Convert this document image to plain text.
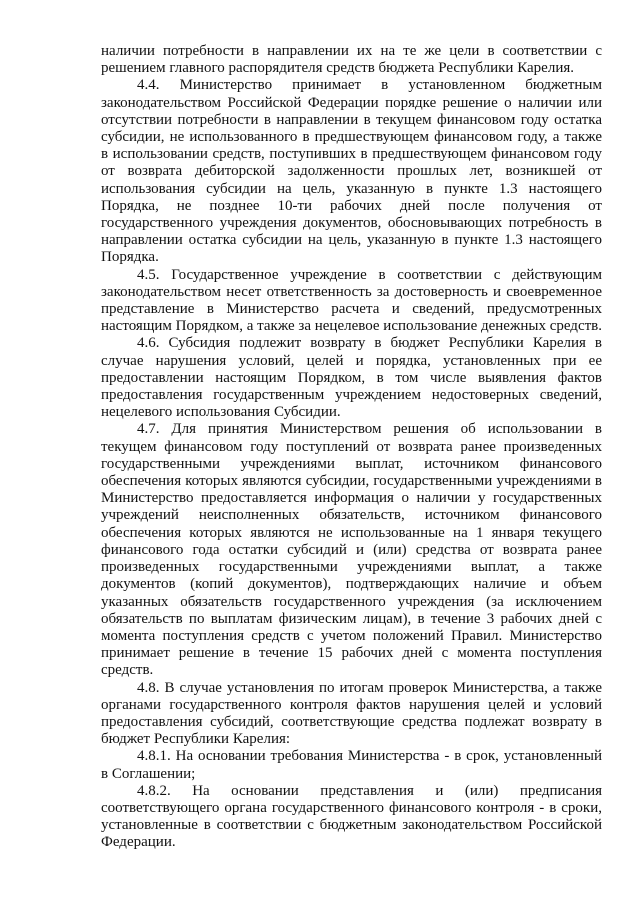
наличии потребности в направлении их на те же цели в соответствии с решением главного распорядителя средств бюджета Республики Карелия.

4.4. Министерство принимает в установленном бюджетным законодательством Российской Федерации порядке решение о наличии или отсутствии потребности в направлении в текущем финансовом году остатка субсидии, не использованного в предшествующем финансовом году, а также в использовании средств, поступивших в предшествующем финансовом году от возврата дебиторской задолженности прошлых лет, возникшей от использования субсидии на цель, указанную в пункте 1.3 настоящего Порядка, не позднее 10-ти рабочих дней после получения от государственного учреждения документов, обосновывающих потребность в направлении остатка субсидии на цель, указанную в пункте 1.3 настоящего Порядка.

4.5. Государственное учреждение в соответствии с действующим законодательством несет ответственность за достоверность и своевременное представление в Министерство расчета и сведений, предусмотренных настоящим Порядком, а также за нецелевое использование денежных средств.

4.6. Субсидия подлежит возврату в бюджет Республики Карелия в случае нарушения условий, целей и порядка, установленных при ее предоставлении настоящим Порядком, в том числе выявления фактов предоставления государственным учреждением недостоверных сведений, нецелевого использования Субсидии.

4.7. Для принятия Министерством решения об использовании в текущем финансовом году поступлений от возврата ранее произведенных государственными учреждениями выплат, источником финансового обеспечения которых являются субсидии, государственными учреждениями в Министерство предоставляется информация о наличии у государственных учреждений неисполненных обязательств, источником финансового обеспечения которых являются не использованные на 1 января текущего финансового года остатки субсидий и (или) средства от возврата ранее произведенных государственными учреждениями выплат, а также документов (копий документов), подтверждающих наличие и объем указанных обязательств государственного учреждения (за исключением обязательств по выплатам физическим лицам), в течение 3 рабочих дней с момента поступления средств с учетом положений Правил. Министерство принимает решение в течение 15 рабочих дней с момента поступления средств.

4.8. В случае установления по итогам проверок Министерства, а также органами государственного контроля фактов нарушения целей и условий предоставления субсидий, соответствующие средства подлежат возврату в бюджет Республики Карелия:

4.8.1. На основании требования Министерства - в срок, установленный в Соглашении;

4.8.2. На основании представления и (или) предписания соответствующего органа государственного финансового контроля - в сроки, установленные в соответствии с бюджетным законодательством Российской Федерации.
